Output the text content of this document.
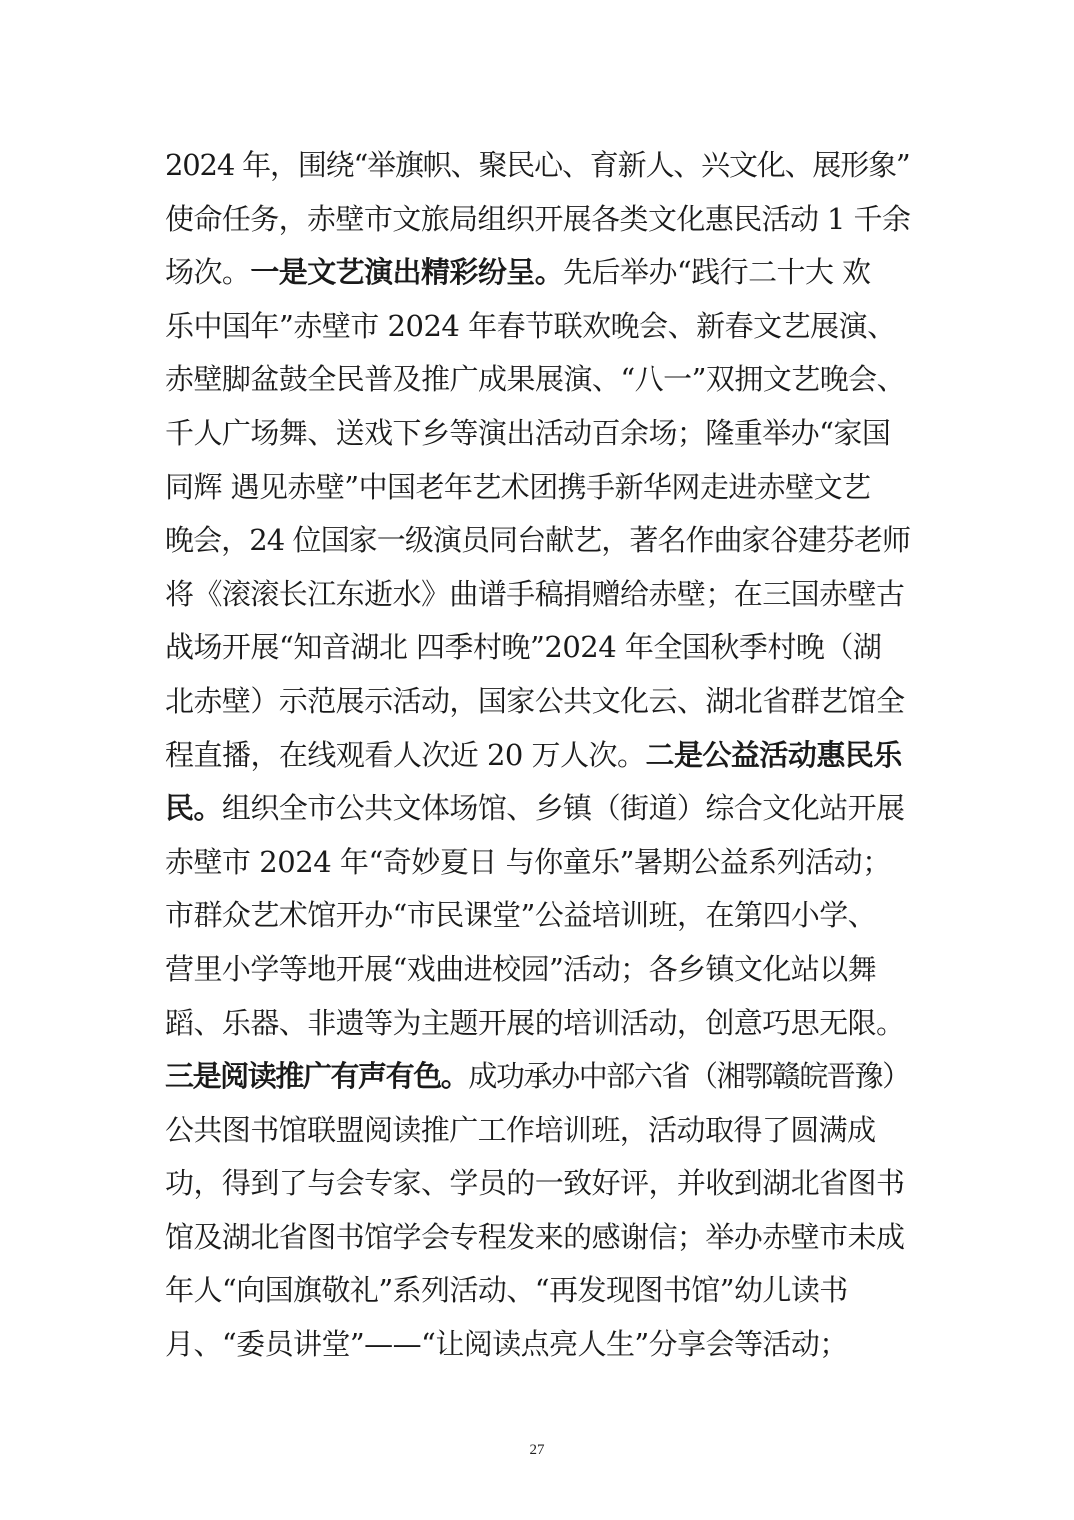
2024 年，围绕“举旗帜、聚民心、育新人、兴文化、展形象”
使命任务，赤壁市文旅局组织开展各类文化惠民活动 1 千余
场次。一是文艺演出精彩纷呈。先后举办“践行二十大 欢
乐中国年”赤壁市 2024 年春节联欢晚会、新春文艺展演、
赤壁脚盆鼓全民普及推广成果展演、“八一”双拥文艺晚会、
千人广场舞、送戏下乡等演出活动百余场；隆重举办“家国
同辉 遇见赤壁”中国老年艺术团携手新华网走进赤壁文艺
晚会，24 位国家一级演员同台献艺，著名作曲家谷建芬老师
将《滚滚长江东逝水》曲谱手稿捐赠给赤壁；在三国赤壁古
战场开展“知音湖北 四季村晚”2024 年全国秋季村晚（湖
北赤壁）示范展示活动，国家公共文化云、湖北省群艺馆全
程直播，在线观看人次近 20 万人次。二是公益活动惠民乐
民。组织全市公共文体场馆、乡镇（街道）综合文化站开展
赤壁市 2024 年“奇妙夏日 与你童乐”暑期公益系列活动；
市群众艺术馆开办“市民课堂”公益培训班，在第四小学、
营里小学等地开展“戏曲进校园”活动；各乡镇文化站以舞
蹈、乐器、非遗等为主题开展的培训活动，创意巧思无限。
三是阅读推广有声有色。成功承办中部六省（湘鄂赣皖晋豫）
公共图书馆联盟阅读推广工作培训班，活动取得了圆满成
功，得到了与会专家、学员的一致好评，并收到湖北省图书
馆及湖北省图书馆学会专程发来的感谢信；举办赤壁市未成
年人“向国旗敬礼”系列活动、“再发现图书馆”幼儿读书
月、“委员讲堂”——“让阅读点亮人生”分享会等活动；
27
